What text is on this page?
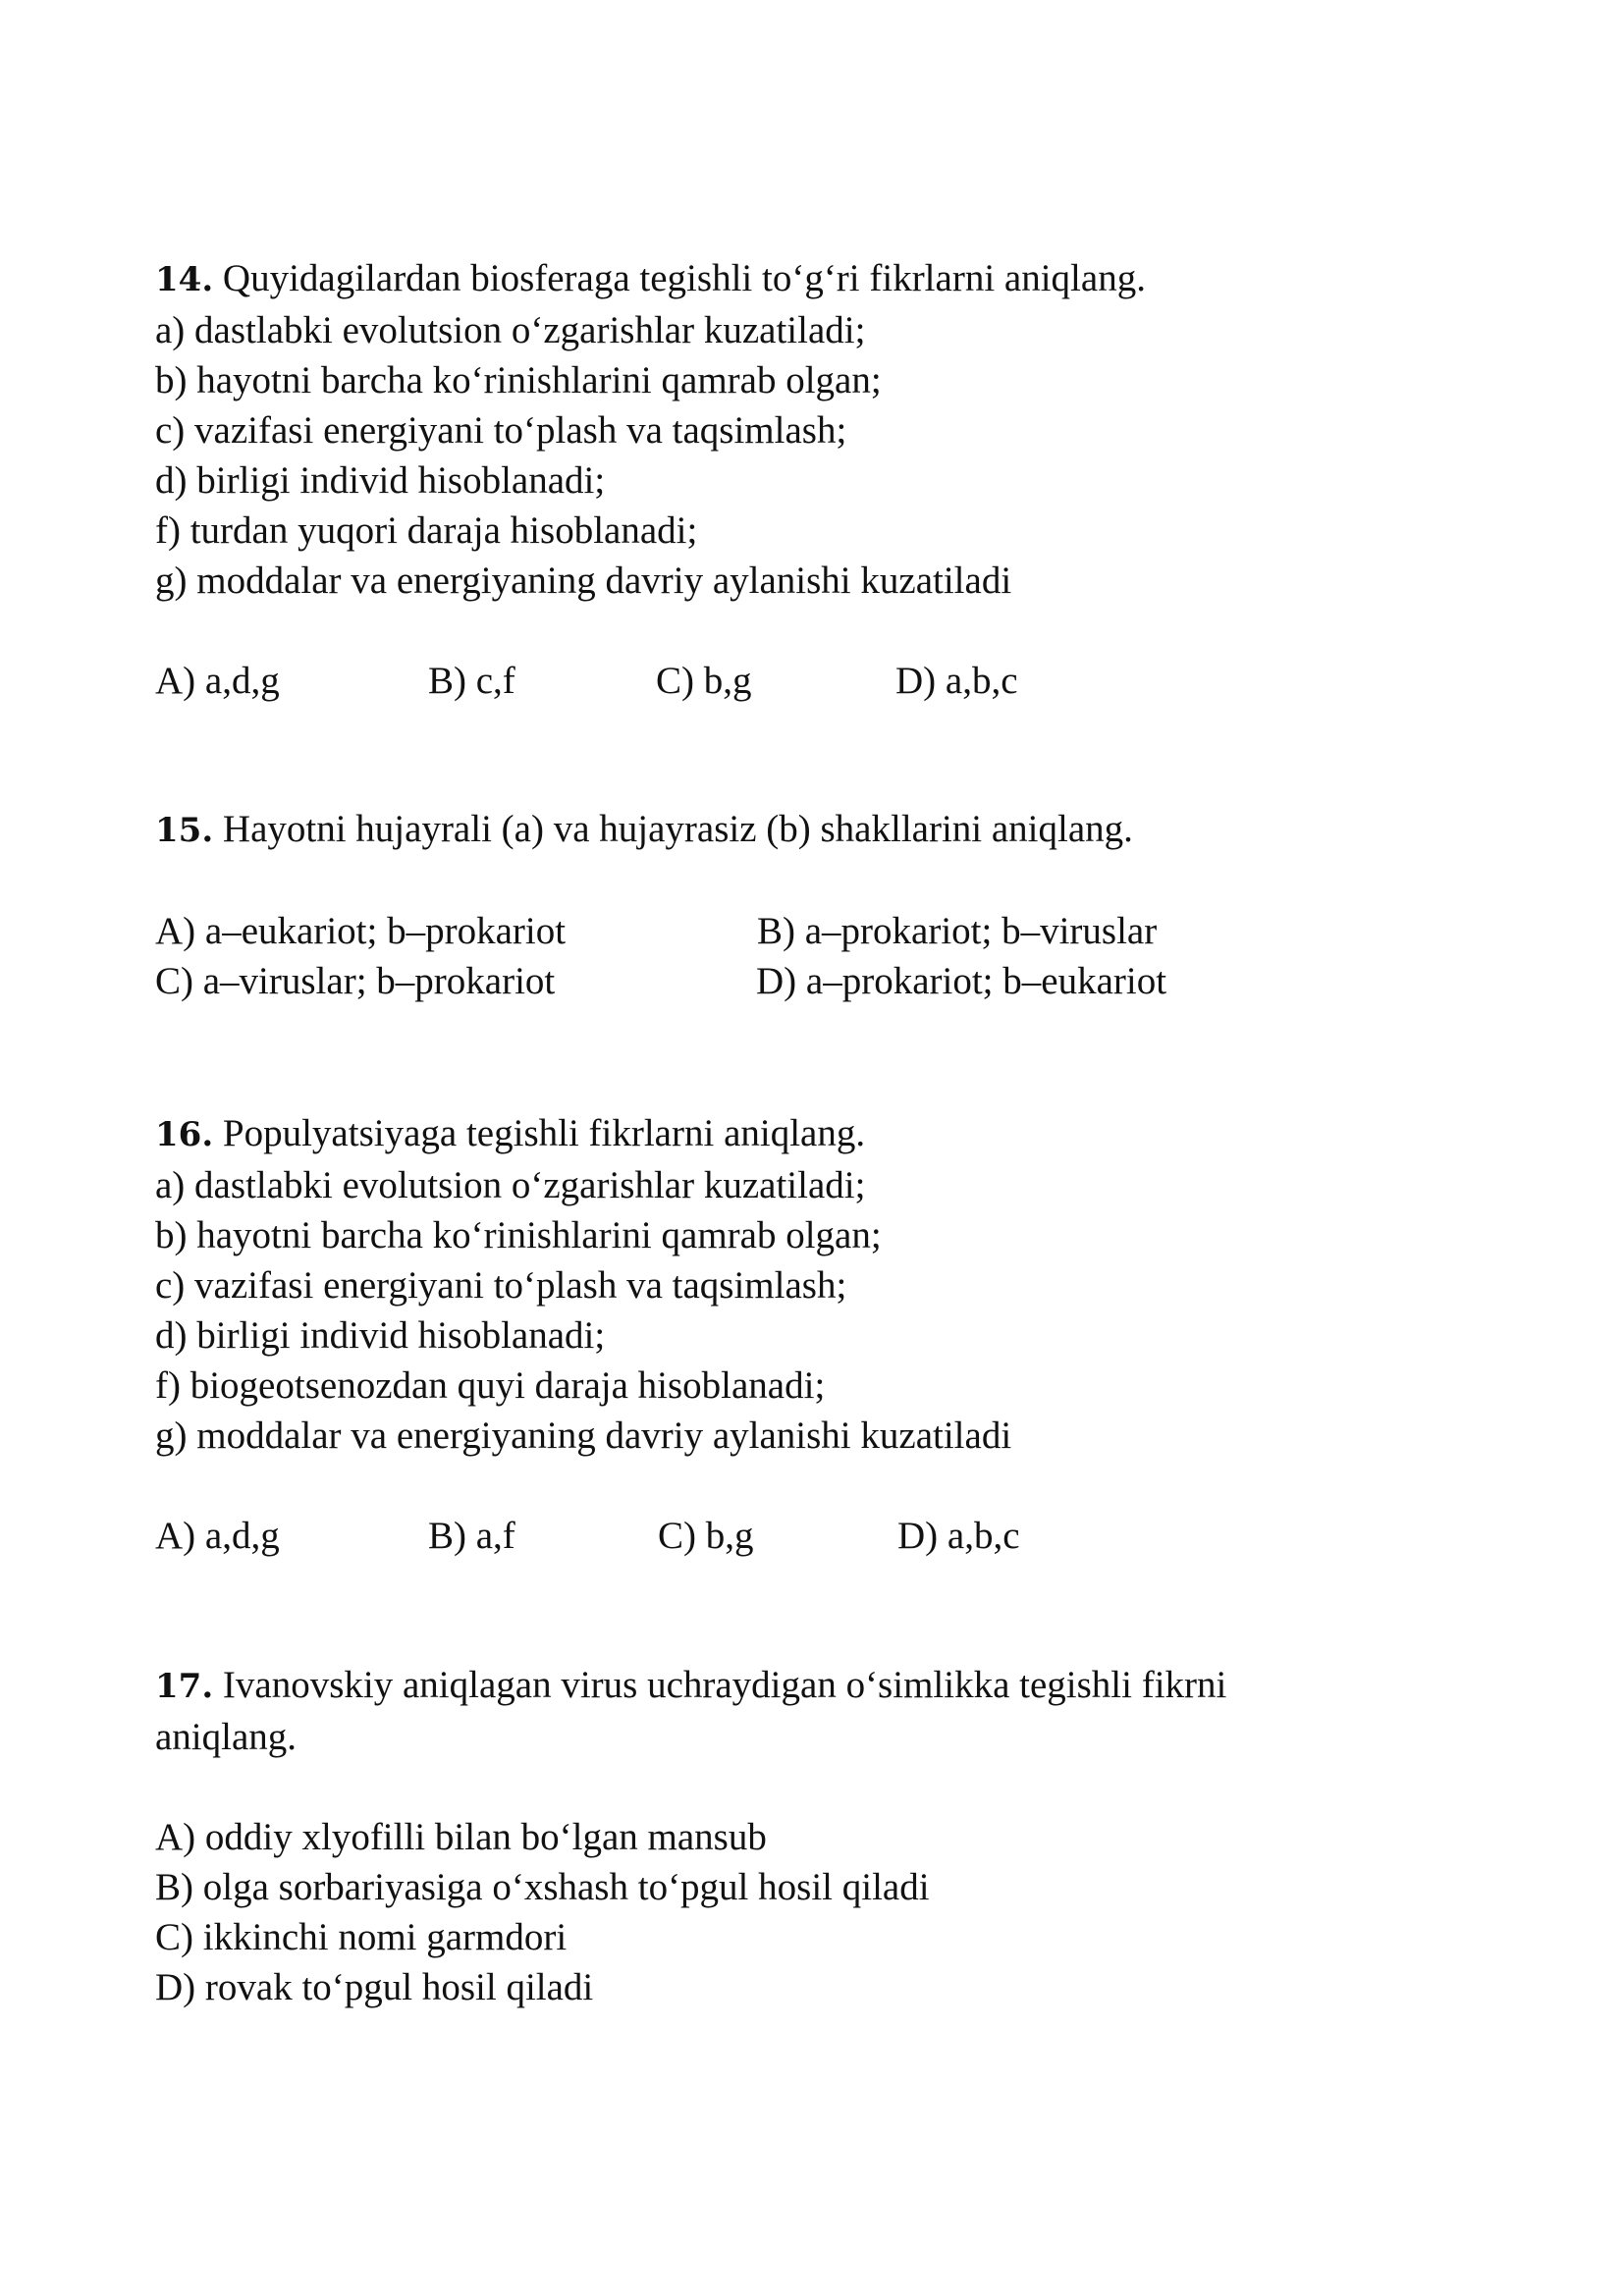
14. Quyidagilardan biosferaga tegishli to‘g‘ri fikrlarni aniqlang.

a) dastlabki evolutsion o‘zgarishlar kuzatiladi;

b) hayotni barcha ko‘rinishlarini qamrab olgan;

c) vazifasi energiyani to‘plash va taqsimlash;

d) birligi individ hisoblanadi;

f) turdan yuqori daraja hisoblanadi;

g) moddalar va energiyaning davriy aylanishi kuzatiladi

A) a,d,g	B) c,f	C) b,g	D) a,b,c

15. Hayotni hujayrali (a) va hujayrasiz (b) shakllarini aniqlang.

A) a–eukariot; b–prokariot	B) a–prokariot; b–viruslar
C) a–viruslar; b–prokariot	D) a–prokariot; b–eukariot

16. Populyatsiyaga tegishli fikrlarni aniqlang.

a) dastlabki evolutsion o‘zgarishlar kuzatiladi;

b) hayotni barcha ko‘rinishlarini qamrab olgan;

c) vazifasi energiyani to‘plash va taqsimlash;

d) birligi individ hisoblanadi;

f) biogeotsenozdan quyi daraja hisoblanadi;

g) moddalar va energiyaning davriy aylanishi kuzatiladi

A) a,d,g	B) a,f	C) b,g	D) a,b,c

17. Ivanovskiy aniqlagan virus uchraydigan o‘simlikka tegishli fikrni aniqlang.

A) oddiy xlyofilli bilan bo‘lgan mansub
B) olga sorbariyasiga o‘xshash to‘pgul hosil qiladi
C) ikkinchi nomi garmdori
D) rovak to‘pgul hosil qiladi
